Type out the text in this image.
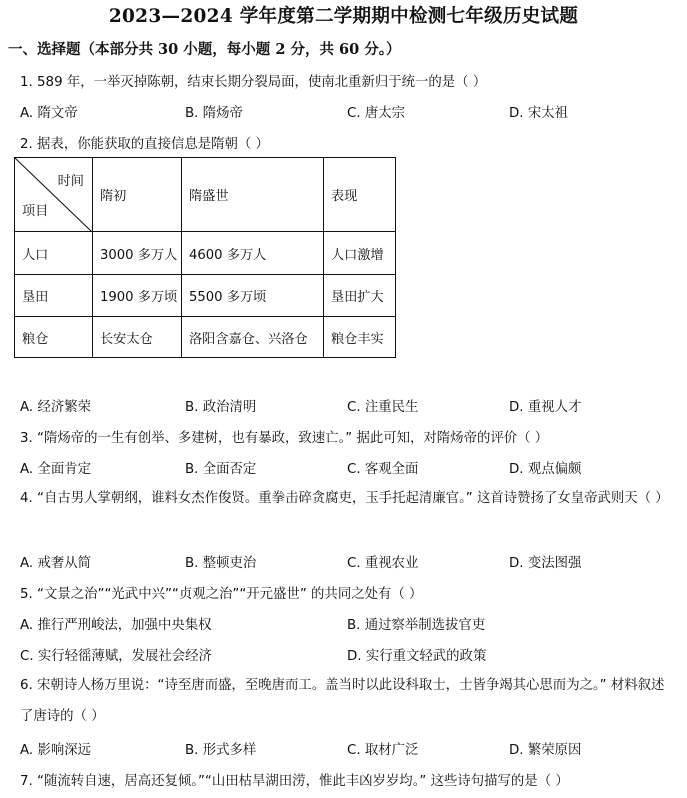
2023—2024 学年度第二学期期中检测七年级历史试题
一、选择题（本部分共 30 小题，每小题 2 分，共 60 分。）
1. 589 年，一举灭掉陈朝，结束长期分裂局面，使南北重新归于统一的是（ ）
A. 隋文帝	B. 隋炀帝	C. 唐太宗	D. 宋太祖
2. 据表，你能获取的直接信息是隋朝（ ）
时间
项目	隋初	隋盛世	表现
人口	3000 多万人	4600 多万人	人口激增
垦田	1900 多万顷	5500 多万顷	垦田扩大
粮仓	长安太仓	洛阳含嘉仓、兴洛仓	粮仓丰实
A. 经济繁荣	B. 政治清明	C. 注重民生	D. 重视人才
3. “隋炀帝的一生有创举、多建树，也有暴政，致速亡。” 据此可知，对隋炀帝的评价（ ）
A. 全面肯定	B. 全面否定	C. 客观全面	D. 观点偏颇
4. “自古男人掌朝纲，谁料女杰作俊贤。重拳击碎贪腐吏，玉手托起清廉官。” 这首诗赞扬了女皇帝武则天（ ）
A. 戒奢从简	B. 整顿吏治	C. 重视农业	D. 变法图强
5. “文景之治”“光武中兴”“贞观之治”“开元盛世” 的共同之处有（ ）
A. 推行严刑峻法，加强中央集权	B. 通过察举制选拔官吏
C. 实行轻徭薄赋，发展社会经济	D. 实行重文轻武的政策
6. 宋朝诗人杨万里说：“诗至唐而盛，至晚唐而工。盖当时以此设科取士，士皆争竭其心思而为之。” 材料叙述了唐诗的（ ）
A. 影响深远	B. 形式多样	C. 取材广泛	D. 繁荣原因
7. “随流转自速，居高还复倾。”“山田枯旱湖田涝，惟此丰凶岁岁均。” 这些诗句描写的是（ ）
